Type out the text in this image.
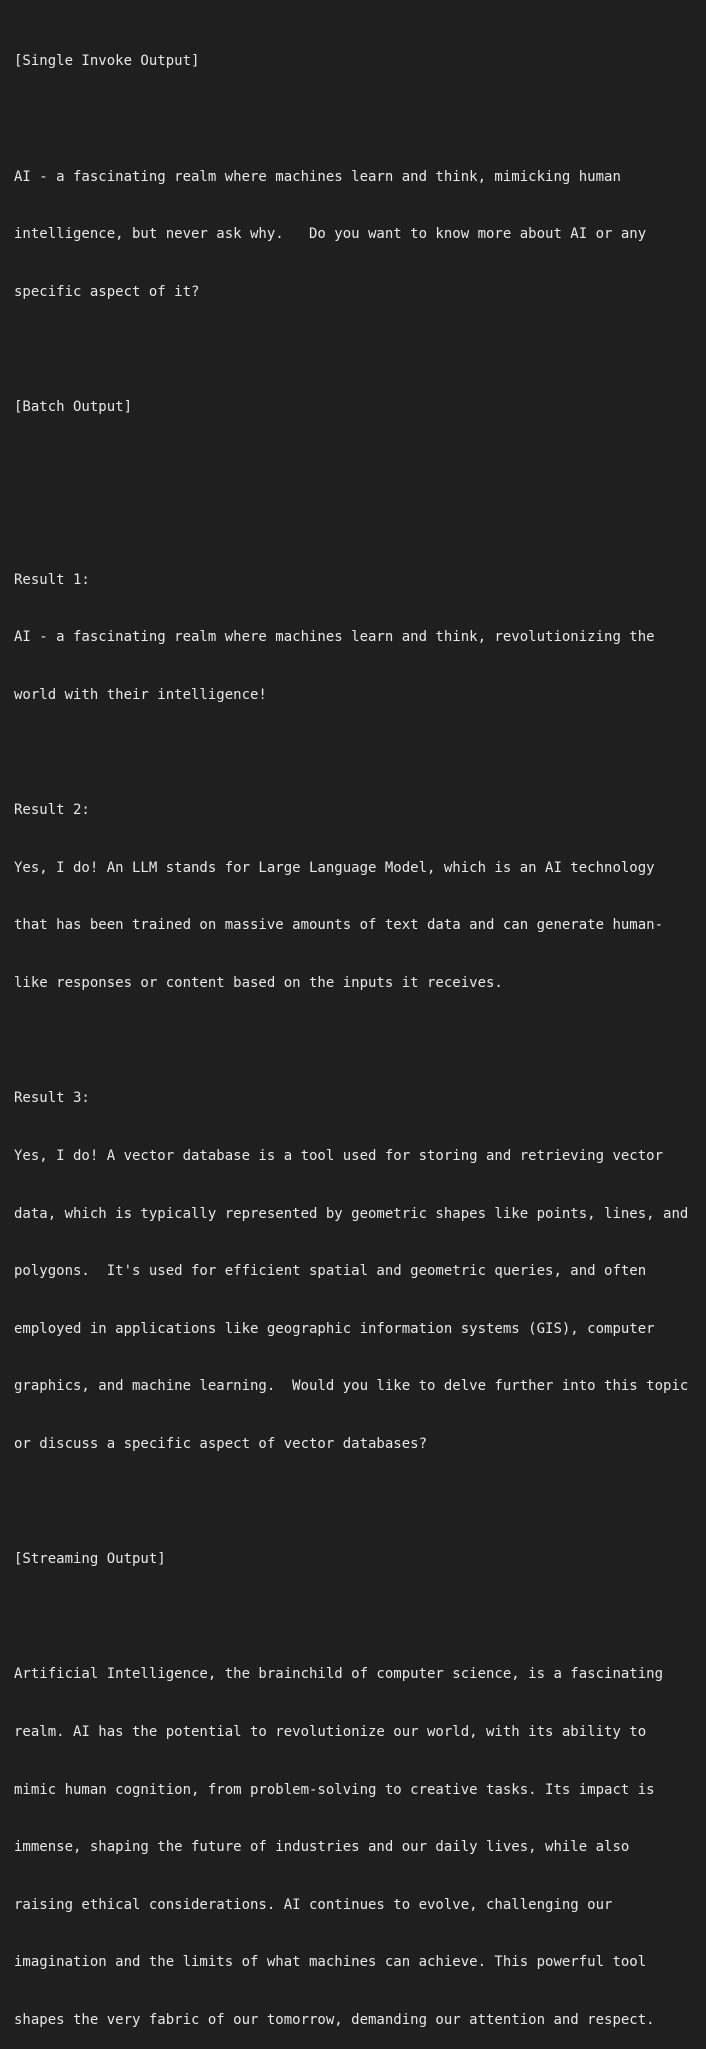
[Single Invoke Output]

AI - a fascinating realm where machines learn and think, mimicking human

intelligence, but never ask why.   Do you want to know more about AI or any

specific aspect of it?

[Batch Output]

Result 1:

AI - a fascinating realm where machines learn and think, revolutionizing the

world with their intelligence!

Result 2:

Yes, I do! An LLM stands for Large Language Model, which is an AI technology

that has been trained on massive amounts of text data and can generate human-

like responses or content based on the inputs it receives.

Result 3:

Yes, I do! A vector database is a tool used for storing and retrieving vector

data, which is typically represented by geometric shapes like points, lines, and

polygons.  It's used for efficient spatial and geometric queries, and often

employed in applications like geographic information systems (GIS), computer

graphics, and machine learning.  Would you like to delve further into this topic

or discuss a specific aspect of vector databases?

[Streaming Output]

Artificial Intelligence, the brainchild of computer science, is a fascinating

realm. AI has the potential to revolutionize our world, with its ability to

mimic human cognition, from problem-solving to creative tasks. Its impact is

immense, shaping the future of industries and our daily lives, while also

raising ethical considerations. AI continues to evolve, challenging our

imagination and the limits of what machines can achieve. This powerful tool

shapes the very fabric of our tomorrow, demanding our attention and respect.
